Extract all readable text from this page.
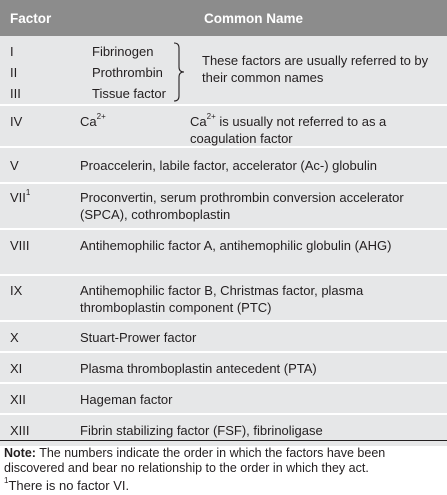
Factor	Common Name
I	Fibrinogen
II	Prothrombin
III	Tissue factor
These factors are usually referred to by their common names
IV	$Ca^{2+}$	$Ca^{2+}$ is usually not referred to as a coagulation factor
V	Proaccelerin, labile factor, accelerator (Ac-) globulin
VII$^1$	Proconvertin, serum prothrombin conversion accelerator (SPCA), cothromboplastin
VIII	Antihemophilic factor A, antihemophilic globulin (AHG)
IX	Antihemophilic factor B, Christmas factor, plasma thromboplastin component (PTC)
X	Stuart-Prower factor
XI	Plasma thromboplastin antecedent (PTA)
XII	Hageman factor
XIII	Fibrin stabilizing factor (FSF), fibrinoligase
Note: The numbers indicate the order in which the factors have been discovered and bear no relationship to the order in which they act.
$^1$There is no factor VI.
